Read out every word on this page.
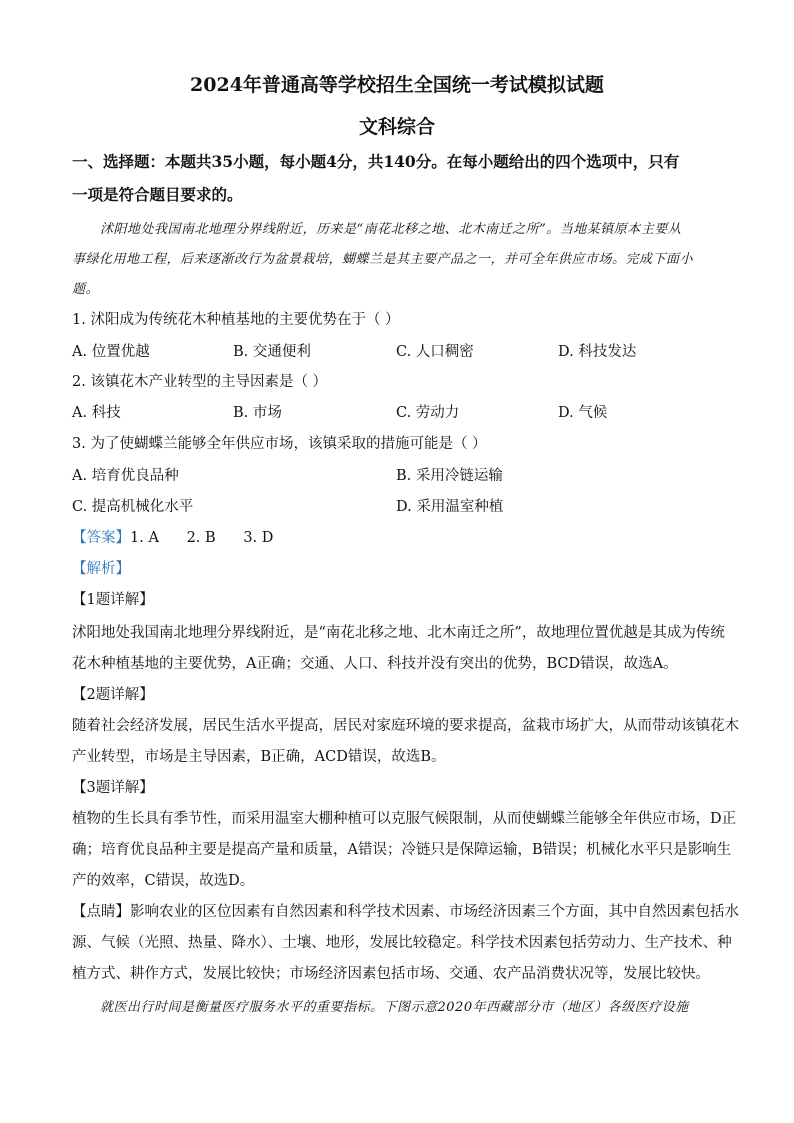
2024年普通高等学校招生全国统一考试模拟试题
文科综合
一、选择题：本题共35小题，每小题4分，共140分。在每小题给出的四个选项中，只有
一项是符合题目要求的。
沭阳地处我国南北地理分界线附近，历来是“南花北移之地、北木南迁之所”。当地某镇原本主要从
事绿化用地工程，后来逐渐改行为盆景栽培，蝴蝶兰是其主要产品之一，并可全年供应市场。完成下面小
题。
1. 沭阳成为传统花木种植基地的主要优势在于（ ）
A. 位置优越	B. 交通便利	C. 人口稠密	D. 科技发达
2. 该镇花木产业转型的主导因素是（ ）
A. 科技	B. 市场	C. 劳动力	D. 气候
3. 为了使蝴蝶兰能够全年供应市场，该镇采取的措施可能是（ ）
A. 培育优良品种	B. 采用冷链运输
C. 提高机械化水平	D. 采用温室种植
【答案】1. A      2. B      3. D
【解析】
【1题详解】
沭阳地处我国南北地理分界线附近，是“南花北移之地、北木南迁之所”，故地理位置优越是其成为传统
花木种植基地的主要优势，A正确；交通、人口、科技并没有突出的优势，BCD错误，故选A。
【2题详解】
随着社会经济发展，居民生活水平提高，居民对家庭环境的要求提高，盆栽市场扩大，从而带动该镇花木
产业转型，市场是主导因素，B正确，ACD错误，故选B。
【3题详解】
植物的生长具有季节性，而采用温室大棚种植可以克服气候限制，从而使蝴蝶兰能够全年供应市场，D正
确；培育优良品种主要是提高产量和质量，A错误；冷链只是保障运输，B错误；机械化水平只是影响生
产的效率，C错误，故选D。
【点睛】影响农业的区位因素有自然因素和科学技术因素、市场经济因素三个方面，其中自然因素包括水
源、气候（光照、热量、降水）、土壤、地形，发展比较稳定。科学技术因素包括劳动力、生产技术、种
植方式、耕作方式，发展比较快；市场经济因素包括市场、交通、农产品消费状况等，发展比较快。
就医出行时间是衡量医疗服务水平的重要指标。下图示意2020年西藏部分市（地区）各级医疗设施
